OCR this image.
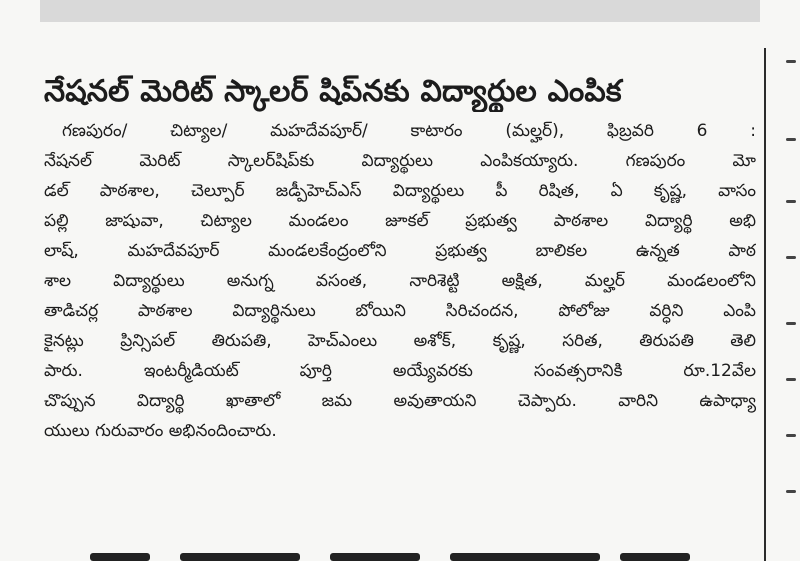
నేషనల్ మెరిట్ స్కాలర్ షిప్‌నకు విద్యార్థుల ఎంపిక
గణపురం/ చిట్యాల/ మహదేవపూర్/ కాటారం (మల్హర్), ఫిబ్రవరి 6 :
నేషనల్ మెరిట్ స్కాలర్‌షిప్‌కు విద్యార్థులు ఎంపికయ్యారు. గణపురం మో
డల్ పాఠశాల, చెల్పూర్ జడ్పీహెచ్ఎస్ విద్యార్థులు పీ రిషిత, ఏ కృష్ణ, వాసం
పల్లి జాషువా, చిట్యాల మండలం జూకల్ ప్రభుత్వ పాఠశాల విద్యార్థి అభి
లాష్, మహదేవపూర్ మండలకేంద్రంలోని ప్రభుత్వ బాలికల ఉన్నత పాఠ
శాల విద్యార్థులు అనుగ్న వసంత, నారిశెట్టి అక్షిత, మల్హర్ మండలంలోని
తాడిచర్ల పాఠశాల విద్యార్థినులు బోయిని సిరిచందన, పోలోజు వర్ధిని ఎంపి
కైనట్లు ప్రిన్సిపల్ తిరుపతి, హెచ్ఎంలు అశోక్, కృష్ణ, సరిత, తిరుపతి తెలి
పారు. ఇంటర్మీడియట్ పూర్తి అయ్యేవరకు సంవత్సరానికి రూ.12వేల
చొప్పున విద్యార్థి ఖాతాలో జమ అవుతాయని చెప్పారు. వారిని ఉపాధ్యా
యులు గురువారం అభినందించారు.
